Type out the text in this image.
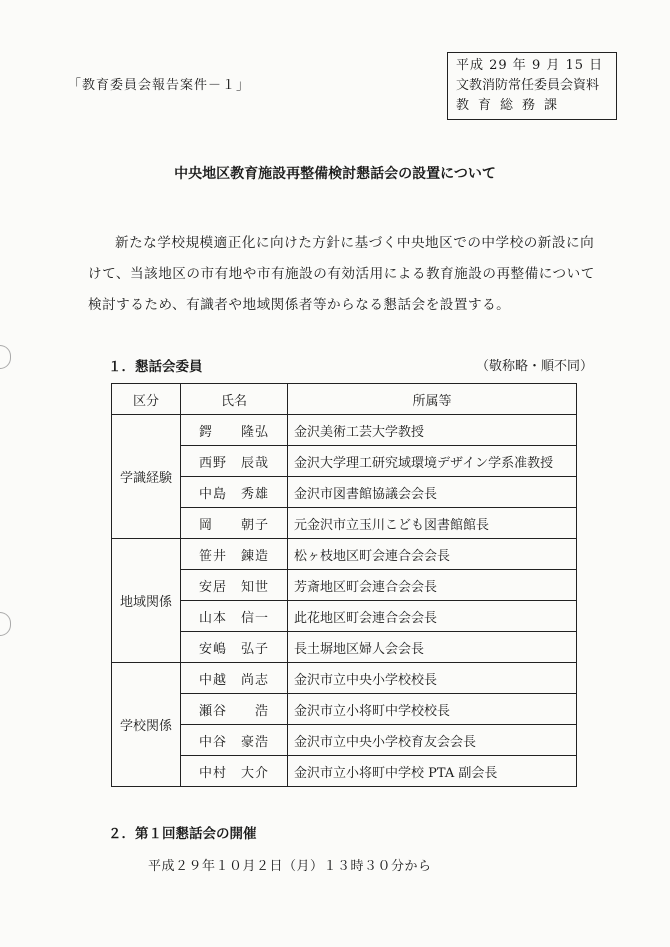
「教育委員会報告案件－１」
平成 29 年 9 月 15 日
文教消防常任委員会資料
教育総務課
中央地区教育施設再整備検討懇話会の設置について
新たな学校規模適正化に向けた方針に基づく中央地区での中学校の新設に向けて、当該地区の市有地や市有施設の有効活用による教育施設の再整備について検討するため、有識者や地域関係者等からなる懇話会を設置する。
１．懇話会委員	（敬称略・順不同）
区分	氏名	所属等
学識経験	鍔　　隆弘	金沢美術工芸大学教授
	西野　辰哉	金沢大学理工研究域環境デザイン学系准教授
	中島　秀雄	金沢市図書館協議会会長
	岡　　朝子	元金沢市立玉川こども図書館館長
地域関係	笹井　錬造	松ヶ枝地区町会連合会会長
	安居　知世	芳斎地区町会連合会会長
	山本　信一	此花地区町会連合会会長
	安嶋　弘子	長土塀地区婦人会会長
学校関係	中越　尚志	金沢市立中央小学校校長
	瀬谷　　浩	金沢市立小将町中学校校長
	中谷　豪浩	金沢市立中央小学校育友会会長
	中村　大介	金沢市立小将町中学校 PTA 副会長
２．第１回懇話会の開催
平成２９年１０月２日（月）１３時３０分から
